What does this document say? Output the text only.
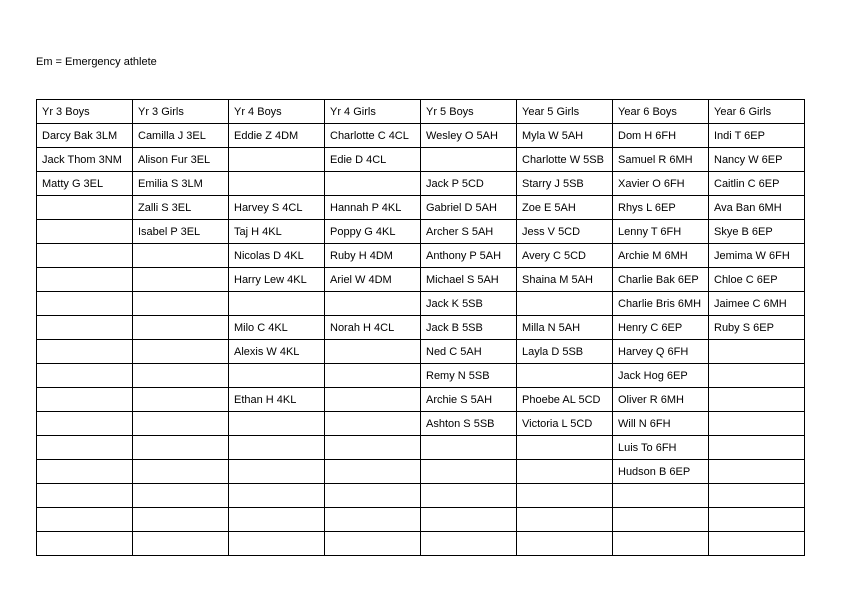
Em = Emergency athlete
Yr 3 Boys	Yr 3 Girls	Yr 4 Boys	Yr 4 Girls	Yr 5 Boys	Year 5 Girls	Year 6 Boys	Year 6 Girls
Darcy Bak 3LM	Camilla J 3EL	Eddie Z 4DM	Charlotte C 4CL	Wesley O 5AH	Myla W 5AH	Dom H 6FH	Indi T 6EP
Jack Thom 3NM	Alison Fur 3EL		Edie D 4CL		Charlotte W 5SB	Samuel R 6MH	Nancy W 6EP
Matty G 3EL	Emilia S 3LM			Jack P 5CD	Starry J 5SB	Xavier O 6FH	Caitlin C 6EP
	Zalli S 3EL	Harvey S 4CL	Hannah P 4KL	Gabriel D 5AH	Zoe E 5AH	Rhys L 6EP	Ava Ban 6MH
	Isabel P 3EL	Taj H 4KL	Poppy G 4KL	Archer S 5AH	Jess V 5CD	Lenny T 6FH	Skye B 6EP
		Nicolas D 4KL	Ruby H 4DM	Anthony P 5AH	Avery C 5CD	Archie M 6MH	Jemima W 6FH
		Harry Lew 4KL	Ariel W 4DM	Michael S 5AH	Shaina M 5AH	Charlie Bak 6EP	Chloe C 6EP
				Jack K 5SB		Charlie Bris 6MH	Jaimee C 6MH
		Milo C 4KL	Norah H 4CL	Jack B 5SB	Milla N 5AH	Henry C 6EP	Ruby S 6EP
		Alexis W 4KL		Ned C 5AH	Layla D 5SB	Harvey Q 6FH	
				Remy N 5SB		Jack Hog 6EP	
		Ethan H 4KL		Archie S 5AH	Phoebe AL 5CD	Oliver R 6MH	
				Ashton S 5SB	Victoria L 5CD	Will N 6FH	
						Luis To 6FH	
						Hudson B 6EP	
